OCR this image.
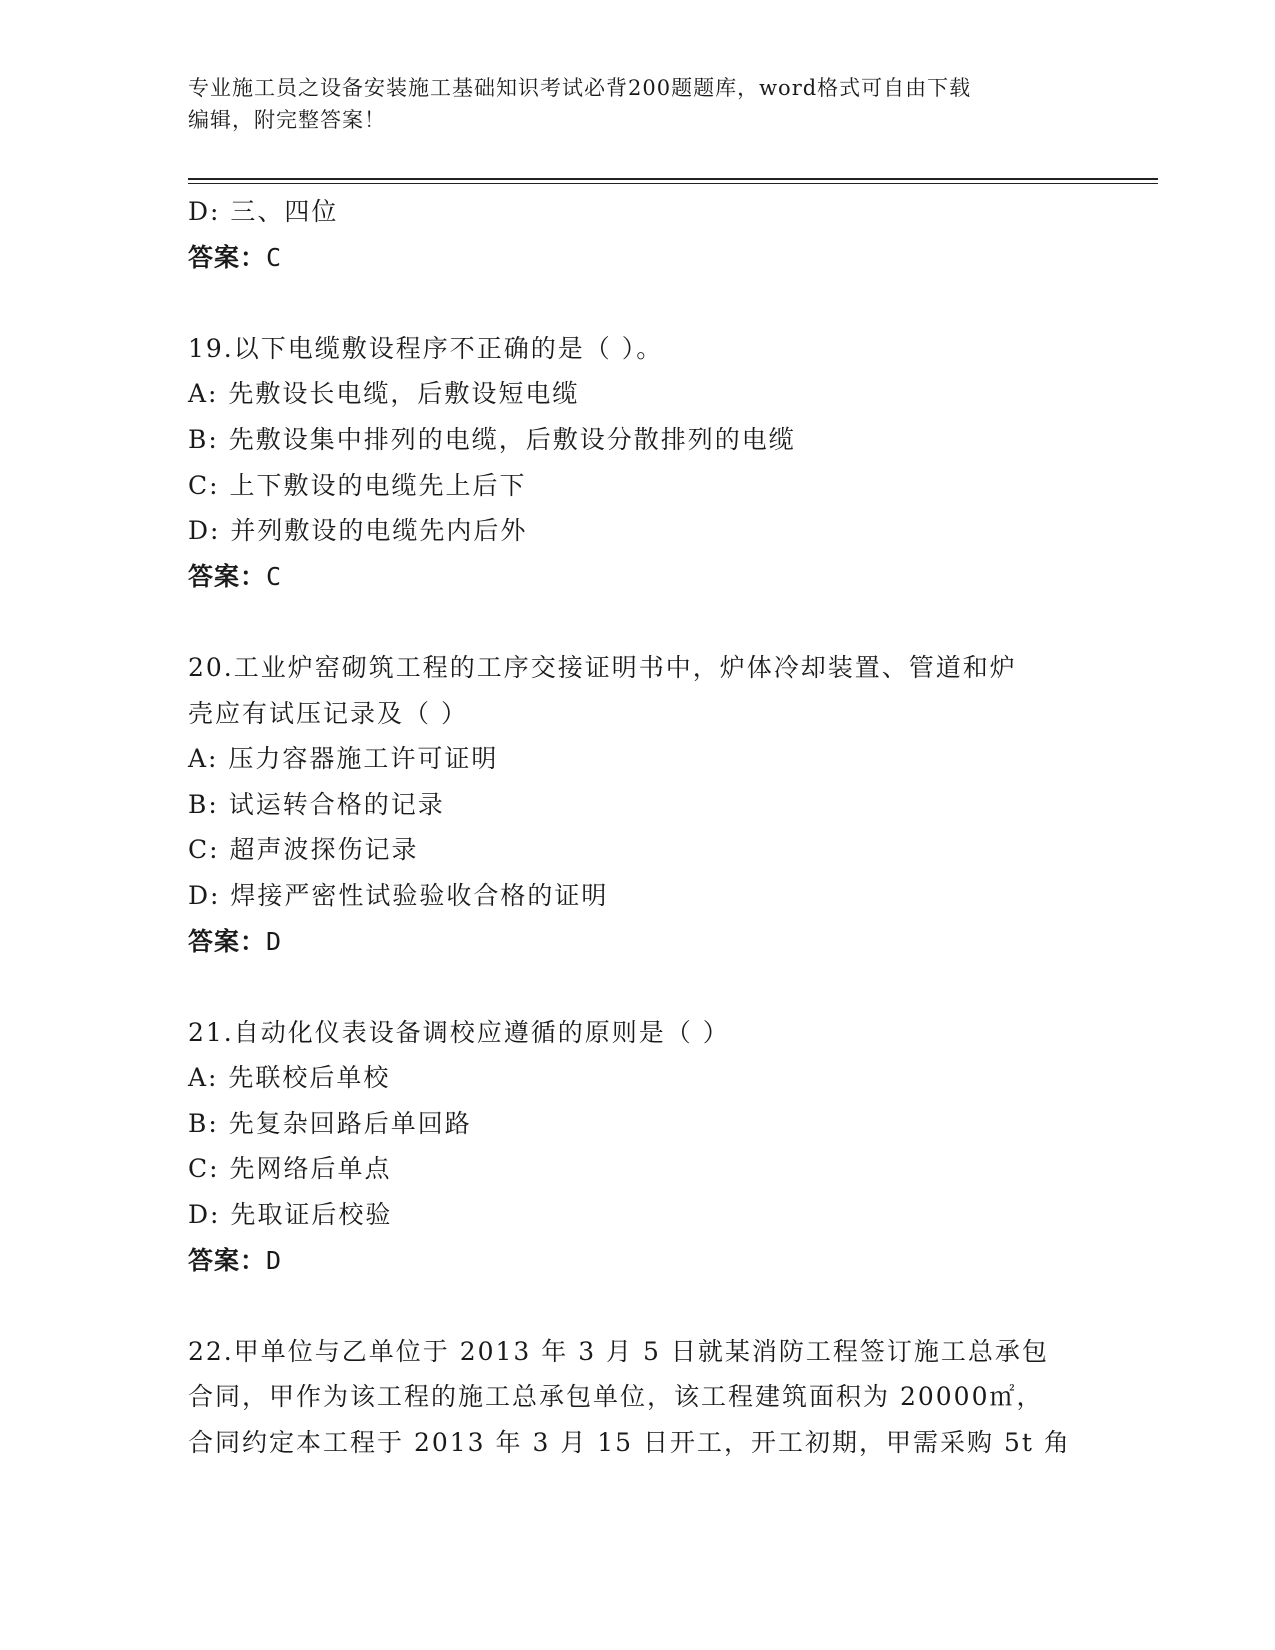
专业施工员之设备安装施工基础知识考试必背200题题库，word格式可自由下载
编辑，附完整答案！
D: 三、四位
答案：C
19.以下电缆敷设程序不正确的是（ ）。
A: 先敷设长电缆，后敷设短电缆
B: 先敷设集中排列的电缆，后敷设分散排列的电缆
C: 上下敷设的电缆先上后下
D: 并列敷设的电缆先内后外
答案：C
20.工业炉窑砌筑工程的工序交接证明书中，炉体冷却装置、管道和炉
壳应有试压记录及（ ）
A: 压力容器施工许可证明
B: 试运转合格的记录
C: 超声波探伤记录
D: 焊接严密性试验验收合格的证明
答案：D
21.自动化仪表设备调校应遵循的原则是（ ）
A: 先联校后单校
B: 先复杂回路后单回路
C: 先网络后单点
D: 先取证后校验
答案：D
22.甲单位与乙单位于 2013 年 3 月 5 日就某消防工程签订施工总承包
合同，甲作为该工程的施工总承包单位，该工程建筑面积为 20000㎡，
合同约定本工程于 2013 年 3 月 15 日开工，开工初期，甲需采购 5t 角
